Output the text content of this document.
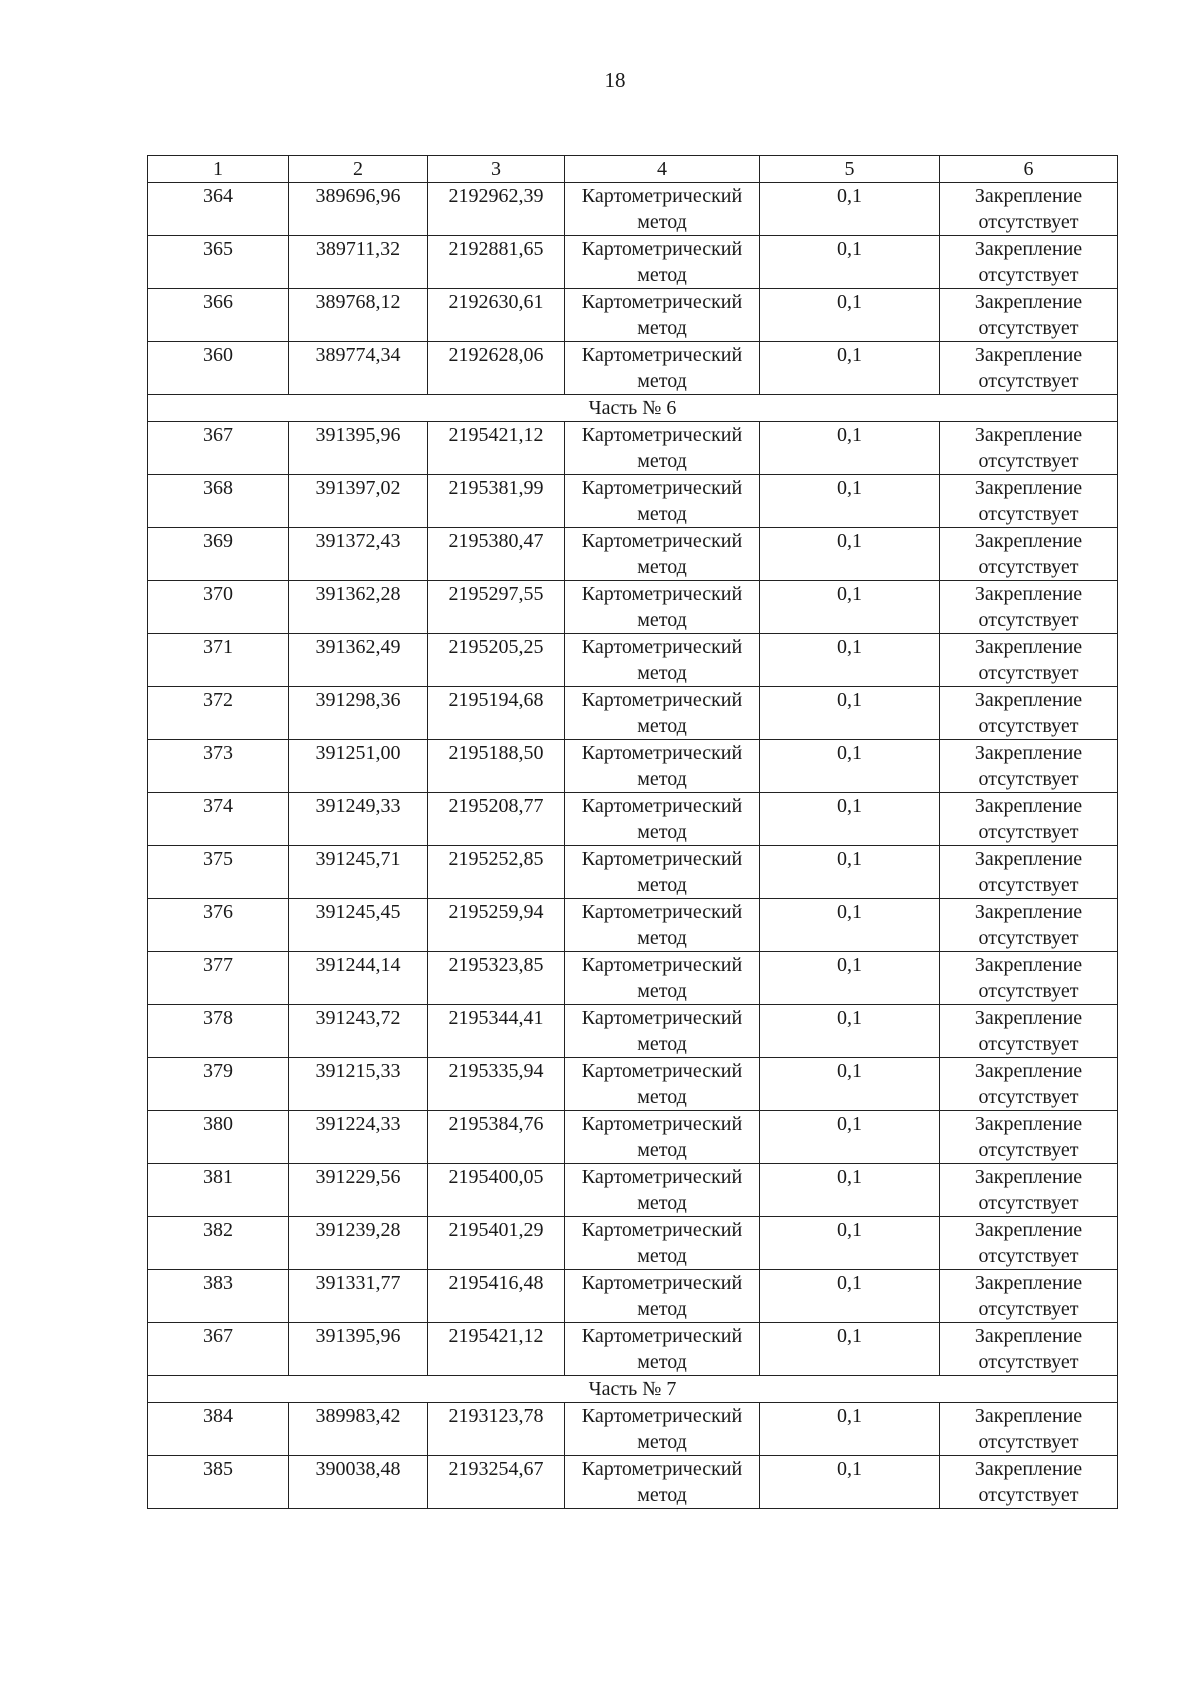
18
1	2	3	4	5	6
364	389696,96	2192962,39	Картометрический метод	0,1	Закрепление отсутствует
365	389711,32	2192881,65	Картометрический метод	0,1	Закрепление отсутствует
366	389768,12	2192630,61	Картометрический метод	0,1	Закрепление отсутствует
360	389774,34	2192628,06	Картометрический метод	0,1	Закрепление отсутствует
Часть № 6					
367	391395,96	2195421,12	Картометрический метод	0,1	Закрепление отсутствует
368	391397,02	2195381,99	Картометрический метод	0,1	Закрепление отсутствует
369	391372,43	2195380,47	Картометрический метод	0,1	Закрепление отсутствует
370	391362,28	2195297,55	Картометрический метод	0,1	Закрепление отсутствует
371	391362,49	2195205,25	Картометрический метод	0,1	Закрепление отсутствует
372	391298,36	2195194,68	Картометрический метод	0,1	Закрепление отсутствует
373	391251,00	2195188,50	Картометрический метод	0,1	Закрепление отсутствует
374	391249,33	2195208,77	Картометрический метод	0,1	Закрепление отсутствует
375	391245,71	2195252,85	Картометрический метод	0,1	Закрепление отсутствует
376	391245,45	2195259,94	Картометрический метод	0,1	Закрепление отсутствует
377	391244,14	2195323,85	Картометрический метод	0,1	Закрепление отсутствует
378	391243,72	2195344,41	Картометрический метод	0,1	Закрепление отсутствует
379	391215,33	2195335,94	Картометрический метод	0,1	Закрепление отсутствует
380	391224,33	2195384,76	Картометрический метод	0,1	Закрепление отсутствует
381	391229,56	2195400,05	Картометрический метод	0,1	Закрепление отсутствует
382	391239,28	2195401,29	Картометрический метод	0,1	Закрепление отсутствует
383	391331,77	2195416,48	Картометрический метод	0,1	Закрепление отсутствует
367	391395,96	2195421,12	Картометрический метод	0,1	Закрепление отсутствует
Часть № 7					
384	389983,42	2193123,78	Картометрический метод	0,1	Закрепление отсутствует
385	390038,48	2193254,67	Картометрический метод	0,1	Закрепление отсутствует
